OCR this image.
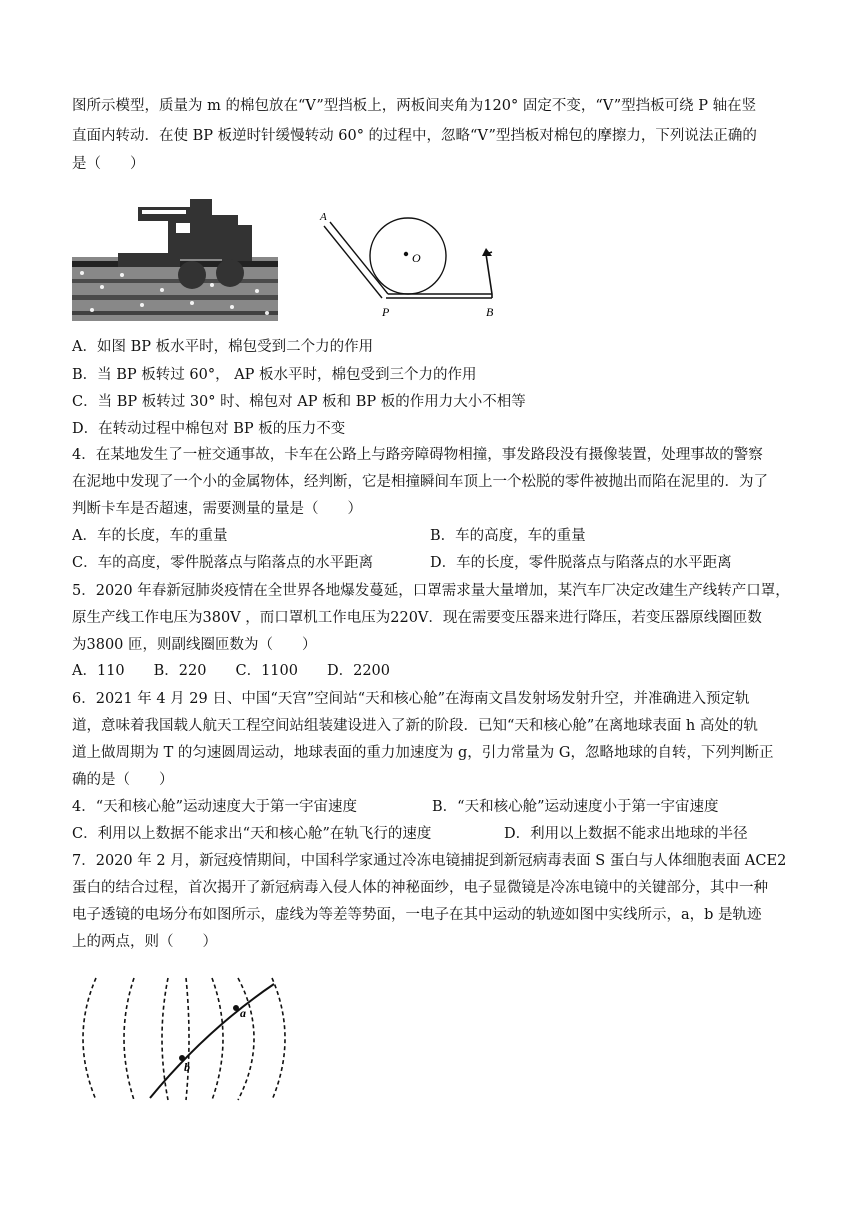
图所示模型，质量为 m 的棉包放在“V”型挡板上，两板间夹角为120° 固定不变，“V”型挡板可绕 P 轴在竖
直面内转动．在使 BP 板逆时针缓慢转动 60° 的过程中，忽略“V”型挡板对棉包的摩擦力，下列说法正确的
是（　　）
A
O
P	B
A．如图 BP 板水平时，棉包受到二个力的作用
B．当 BP 板转过 60°， AP 板水平时，棉包受到三个力的作用
C．当 BP 板转过 30° 时、棉包对 AP 板和 BP 板的作用力大小不相等
D．在转动过程中棉包对 BP 板的压力不变
4．在某地发生了一桩交通事故，卡车在公路上与路旁障碍物相撞，事发路段没有摄像装置，处理事故的警察
在泥地中发现了一个小的金属物体，经判断，它是相撞瞬间车顶上一个松脱的零件被抛出而陷在泥里的．为了
判断卡车是否超速，需要测量的量是（　　）
A．车的长度，车的重量	B．车的高度，车的重量
C．车的高度，零件脱落点与陷落点的水平距离	D．车的长度，零件脱落点与陷落点的水平距离
5．2020 年春新冠肺炎疫情在全世界各地爆发蔓延，口罩需求量大量增加，某汽车厂决定改建生产线转产口罩，
原生产线工作电压为380V ，而口罩机工作电压为220V．现在需要变压器来进行降压，若变压器原线圈匝数
为3800 匝，则副线圈匝数为（　　）
A．110　　B．220　　C．1100　　D．2200
6．2021 年 4 月 29 日、中国“天宫”空间站“天和核心舱”在海南文昌发射场发射升空，并准确进入预定轨
道，意味着我国载人航天工程空间站组装建设进入了新的阶段．已知“天和核心舱”在离地球表面 h 高处的轨
道上做周期为 T 的匀速圆周运动，地球表面的重力加速度为 g，引力常量为 G，忽略地球的自转，下列判断正
确的是（　　）
4．“天和核心舱”运动速度大于第一宇宙速度	B．“天和核心舱”运动速度小于第一宇宙速度
C．利用以上数据不能求出“天和核心舱”在轨飞行的速度	D．利用以上数据不能求出地球的半径
7．2020 年 2 月，新冠疫情期间，中国科学家通过冷冻电镜捕捉到新冠病毒表面 S 蛋白与人体细胞表面 ACE2
蛋白的结合过程，首次揭开了新冠病毒入侵人体的神秘面纱，电子显微镜是冷冻电镜中的关键部分，其中一种
电子透镜的电场分布如图所示，虚线为等差等势面，一电子在其中运动的轨迹如图中实线所示，a，b 是轨迹
上的两点，则（　　）
a
b
